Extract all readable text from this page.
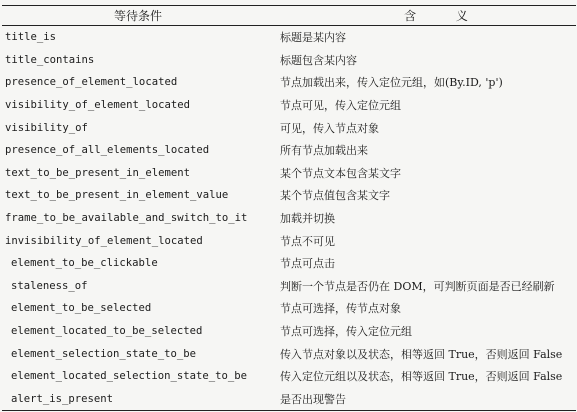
等待条件	含 义
title_is	标题是某内容
title_contains	标题包含某内容
presence_of_element_located	节点加载出来，传入定位元组，如(By.ID, 'p')
visibility_of_element_located	节点可见，传入定位元组
visibility_of	可见，传入节点对象
presence_of_all_elements_located	所有节点加载出来
text_to_be_present_in_element	某个节点文本包含某文字
text_to_be_present_in_element_value	某个节点值包含某文字
frame_to_be_available_and_switch_to_it	加载并切换
invisibility_of_element_located	节点不可见
element_to_be_clickable	节点可点击
staleness_of	判断一个节点是否仍在 DOM，可判断页面是否已经刷新
element_to_be_selected	节点可选择，传节点对象
element_located_to_be_selected	节点可选择，传入定位元组
element_selection_state_to_be	传入节点对象以及状态，相等返回 True，否则返回 False
element_located_selection_state_to_be	传入定位元组以及状态，相等返回 True，否则返回 False
alert_is_present	是否出现警告
